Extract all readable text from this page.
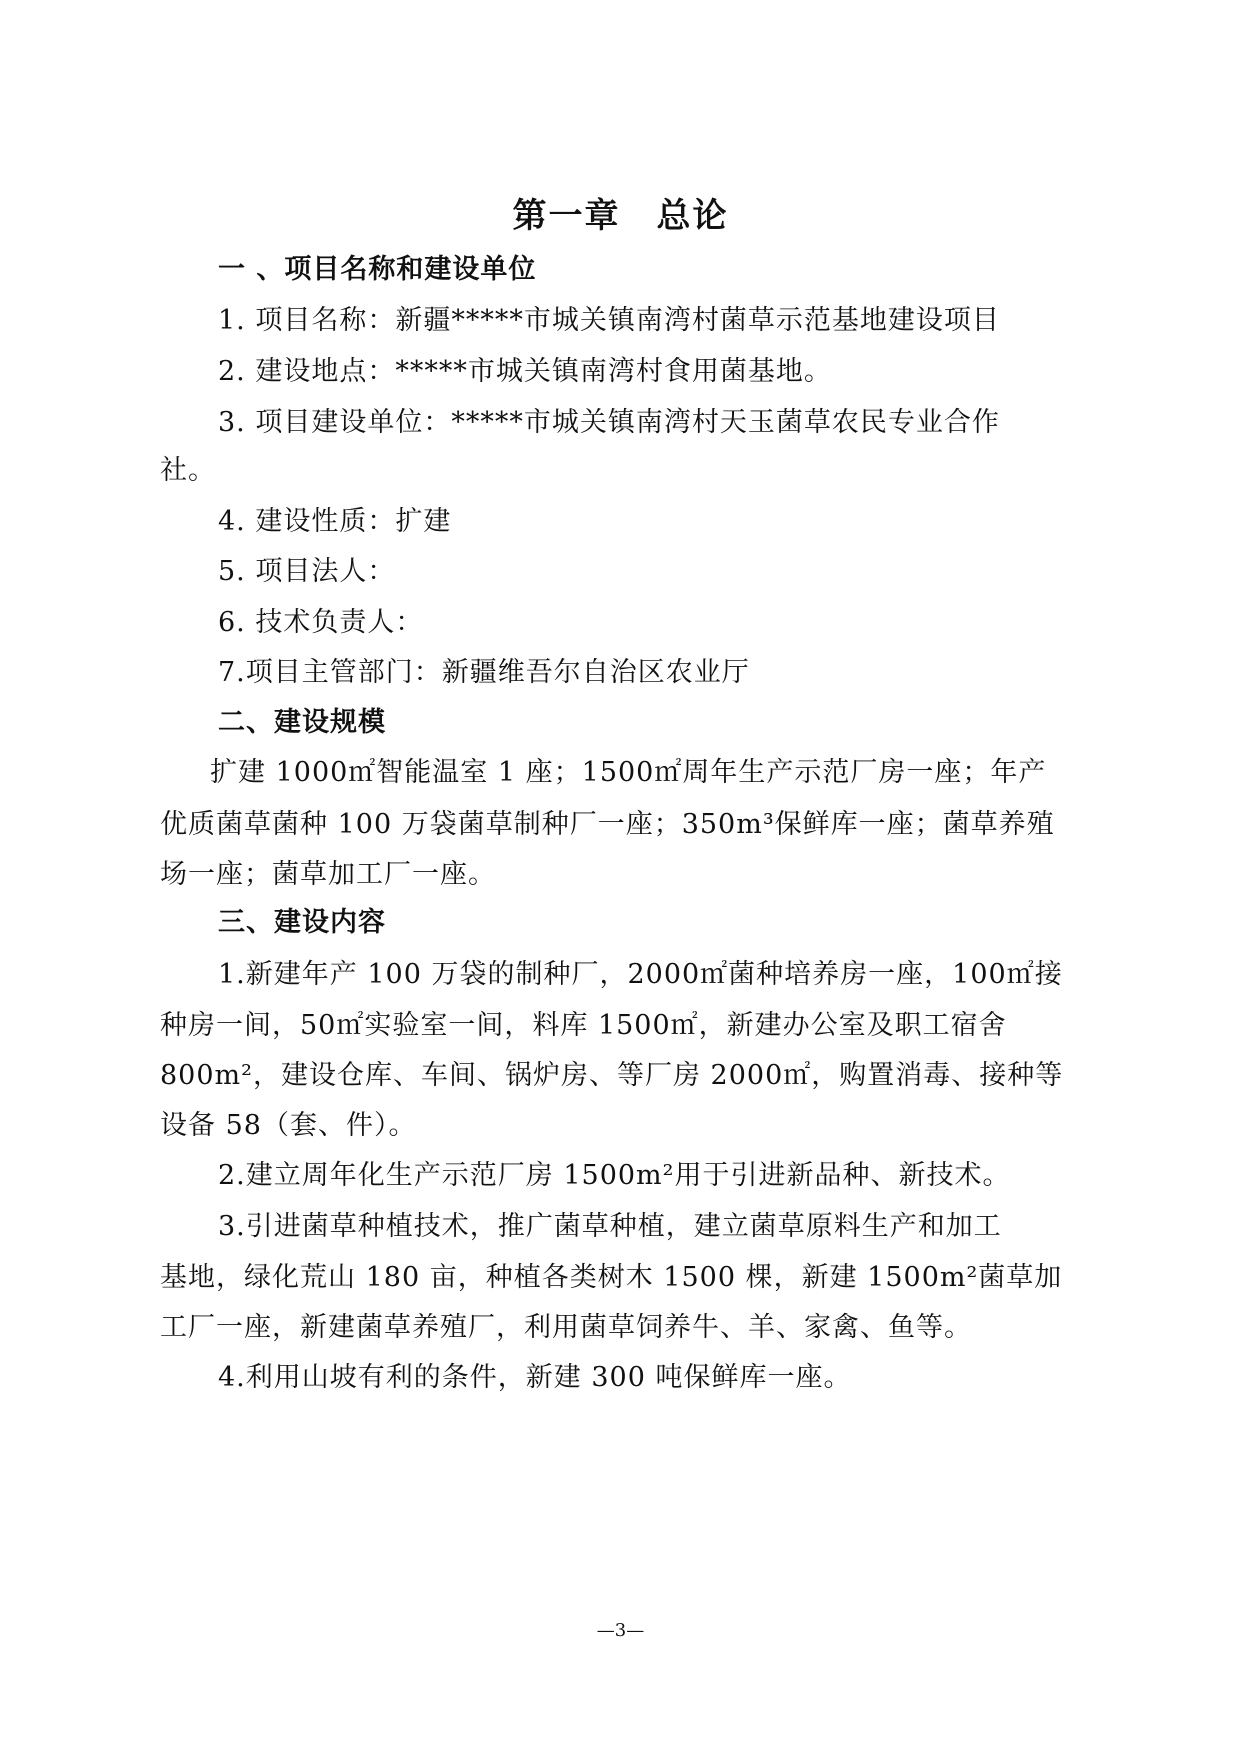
第一章 总论
一 、项目名称和建设单位
1. 项目名称：新疆*****市城关镇南湾村菌草示范基地建设项目
2. 建设地点：*****市城关镇南湾村食用菌基地。
3. 项目建设单位：*****市城关镇南湾村天玉菌草农民专业合作
社。
4. 建设性质：扩建
5. 项目法人：
6. 技术负责人：
7.项目主管部门：新疆维吾尔自治区农业厅
二、建设规模
扩建 1000㎡智能温室 1 座；1500㎡周年生产示范厂房一座；年产
优质菌草菌种 100 万袋菌草制种厂一座；350m³保鲜库一座；菌草养殖
场一座；菌草加工厂一座。
三、建设内容
1.新建年产 100 万袋的制种厂，2000㎡菌种培养房一座，100㎡接
种房一间，50㎡实验室一间，料库 1500㎡，新建办公室及职工宿舍
800m²，建设仓库、车间、锅炉房、等厂房 2000㎡，购置消毒、接种等
设备 58（套、件）。
2.建立周年化生产示范厂房 1500m²用于引进新品种、新技术。
3.引进菌草种植技术，推广菌草种植，建立菌草原料生产和加工
基地，绿化荒山 180 亩，种植各类树木 1500 棵，新建 1500m²菌草加
工厂一座，新建菌草养殖厂，利用菌草饲养牛、羊、家禽、鱼等。
4.利用山坡有利的条件，新建 300 吨保鲜库一座。
—3—
